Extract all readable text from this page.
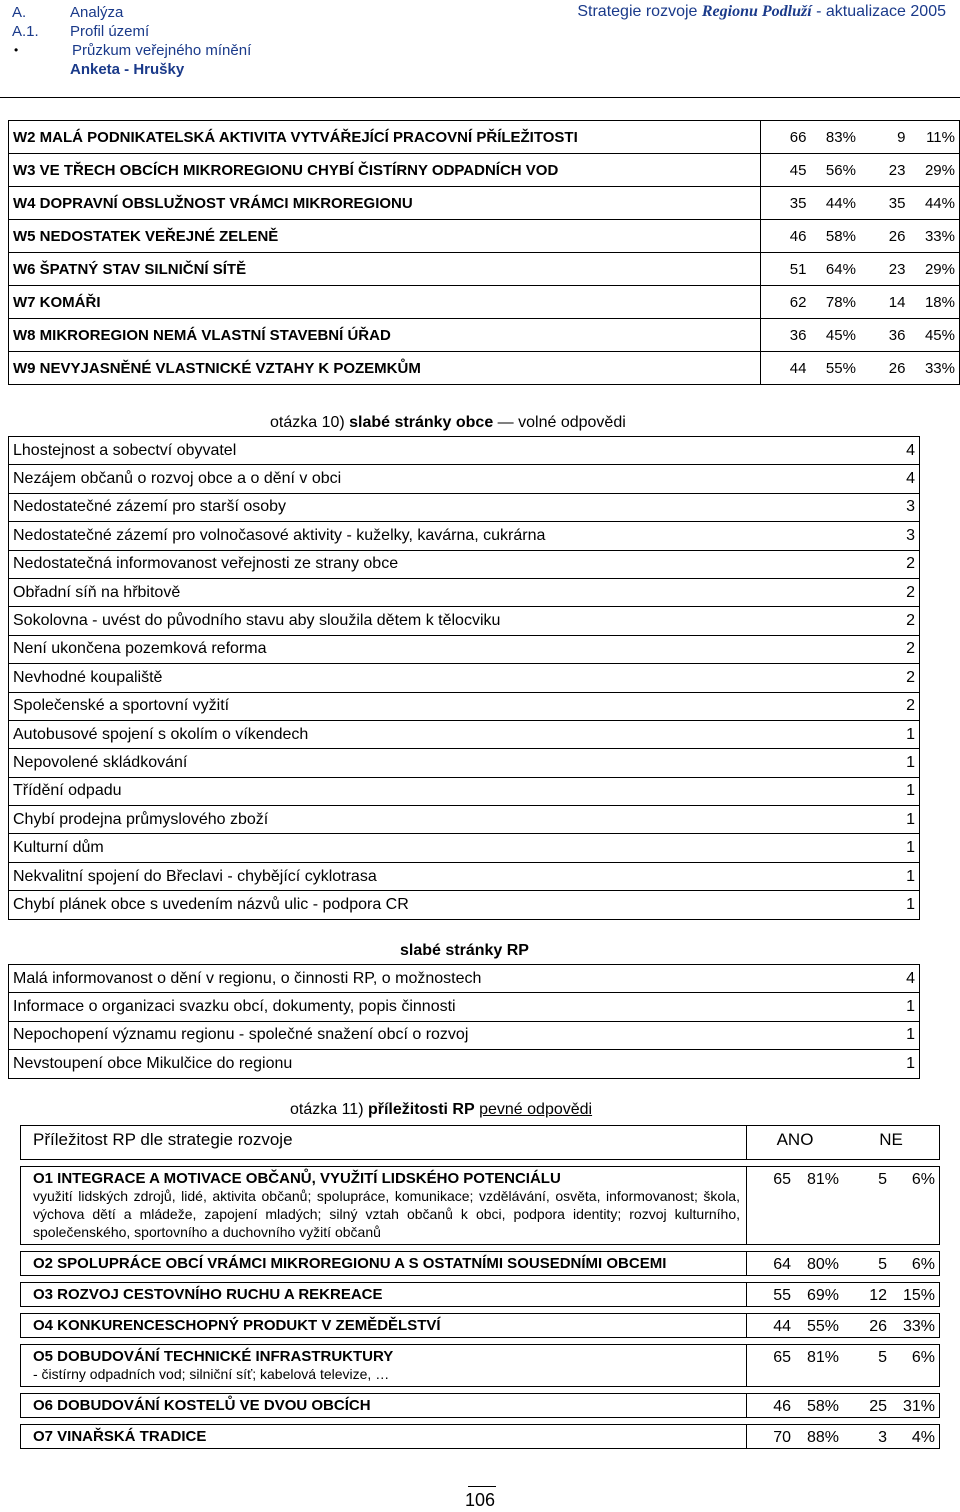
A.	Analýza
A.1.	Profil území
•	Průzkum veřejného mínění
Anketa - Hrušky
Strategie rozvoje Regionu Podluží - aktualizace 2005
W2 MALÁ PODNIKATELSKÁ AKTIVITA VYTVÁŘEJÍCÍ PRACOVNÍ PŘÍLEŽITOSTI	66	83%	9	11%
W3 VE TŘECH OBCÍCH MIKROREGIONU CHYBÍ ČISTÍRNY ODPADNÍCH VOD	45	56%	23	29%
W4 DOPRAVNÍ OBSLUŽNOST VRÁMCI MIKROREGIONU	35	44%	35	44%
W5 NEDOSTATEK VEŘEJNÉ ZELENĚ	46	58%	26	33%
W6 ŠPATNÝ STAV SILNIČNÍ SÍTĚ	51	64%	23	29%
W7 KOMÁŘI	62	78%	14	18%
W8 MIKROREGION NEMÁ VLASTNÍ STAVEBNÍ ÚŘAD	36	45%	36	45%
W9 NEVYJASNĚNÉ VLASTNICKÉ VZTAHY K POZEMKŮM	44	55%	26	33%
otázka 10) slabé stránky obce — volné odpovědi
Lhostejnost a sobectví obyvatel	4
Nezájem občanů o rozvoj obce a o dění v obci	4
Nedostatečné zázemí pro starší osoby	3
Nedostatečné zázemí pro volnočasové aktivity - kuželky, kavárna, cukrárna	3
Nedostatečná informovanost veřejnosti ze strany obce	2
Obřadní síň na hřbitově	2
Sokolovna - uvést do původního stavu aby sloužila dětem k tělocviku	2
Není ukončena pozemková reforma	2
Nevhodné koupaliště	2
Společenské a sportovní vyžití	2
Autobusové spojení s okolím o víkendech	1
Nepovolené skládkování	1
Třídění odpadu	1
Chybí prodejna průmyslového zboží	1
Kulturní dům	1
Nekvalitní spojení do Břeclavi - chybějící cyklotrasa	1
Chybí plánek obce s uvedením názvů ulic - podpora CR	1
slabé stránky RP
Malá informovanost o dění v regionu, o činnosti RP, o možnostech	4
Informace o organizaci svazku obcí, dokumenty, popis činnosti	1
Nepochopení významu regionu - společné snažení obcí o rozvoj	1
Nevstoupení obce Mikulčice do regionu	1
otázka 11) příležitosti RP pevné odpovědi
Příležitost RP dle strategie rozvoje	ANO		NE	

O1 INTEGRACE A MOTIVACE OBČANŮ, VYUŽITÍ LIDSKÉHO POTENCIÁLU
využití lidských zdrojů, lidé, aktivita občanů; spolupráce, komunikace; vzdělávání, osvěta, informovanost; škola, výchova dětí a mládeže, zapojení mladých; silný vztah občanů k obci, podpora identity; rozvoj kulturního, společenského, sportovního a duchovního vyžití občanů	65	81%	5	6%

O2 SPOLUPRÁCE OBCÍ VRÁMCI MIKROREGIONU A S OSTATNÍMI SOUSEDNÍMI OBCEMI	64	80%	5	6%

O3 ROZVOJ CESTOVNÍHO RUCHU A REKREACE	55	69%	12	15%

O4 KONKURENCESCHOPNÝ PRODUKT V ZEMĚDĚLSTVÍ	44	55%	26	33%

O5 DOBUDOVÁNÍ TECHNICKÉ INFRASTRUKTURY
- čistírny odpadních vod; silniční síť; kabelová televize, …	65	81%	5	6%

O6 DOBUDOVÁNÍ KOSTELŮ VE DVOU OBCÍCH	46	58%	25	31%

O7 VINAŘSKÁ TRADICE	70	88%	3	4%
106
